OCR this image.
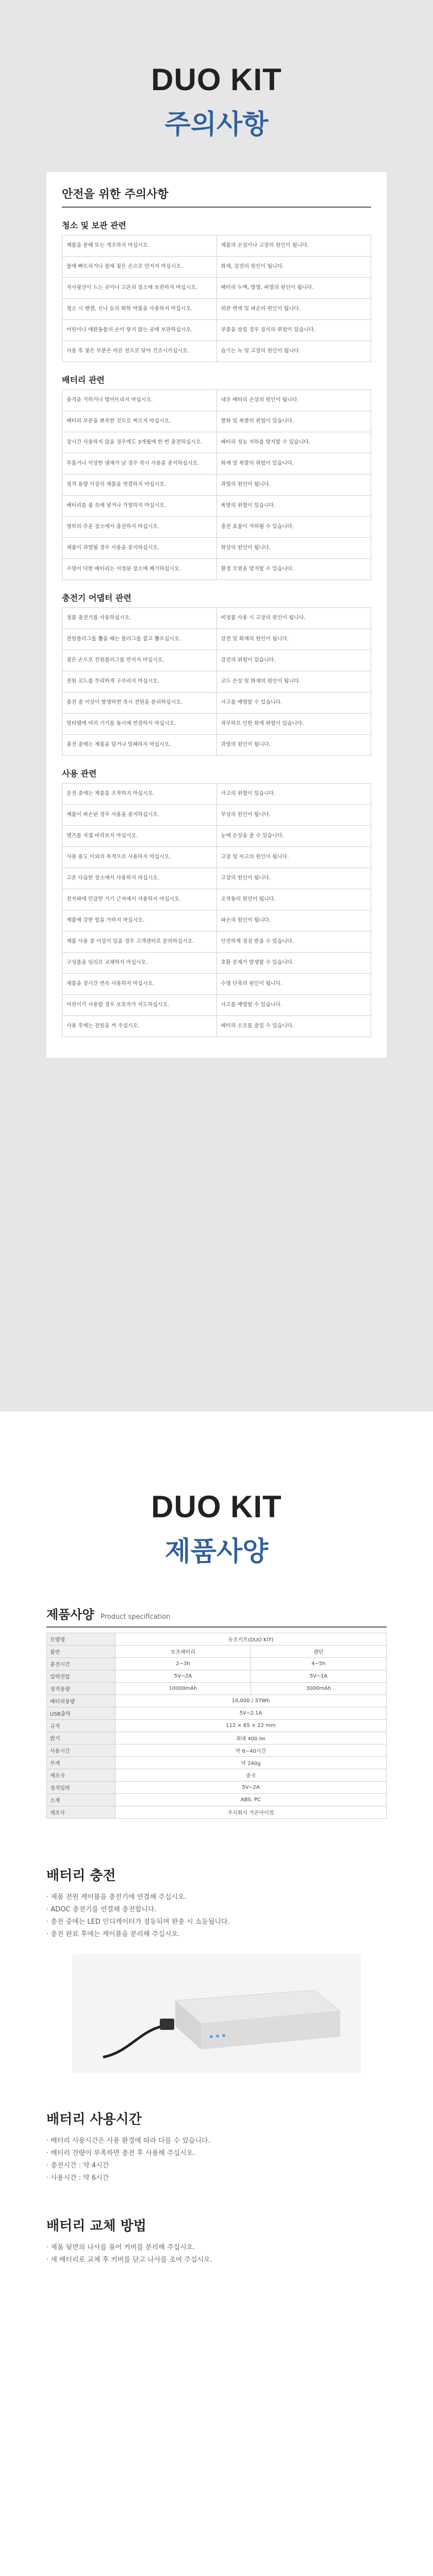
DUO KIT
주의사항
안전을 위한 주의사항
청소 및 보관 관련
제품을 분해 또는 개조하지 마십시오.	제품의 손상이나 고장의 원인이 됩니다.
물에 빠뜨리거나 물에 젖은 손으로 만지지 마십시오.	화재, 감전의 원인이 됩니다.
직사광선이 드는 곳이나 고온의 장소에 보관하지 마십시오.	배터리 누액, 발열, 파열의 원인이 됩니다.
청소 시 벤젠, 신나 등의 화학 약품을 사용하지 마십시오.	외관 변색 및 파손의 원인이 됩니다.
어린이나 애완동물의 손이 닿지 않는 곳에 보관하십시오.	부품을 삼킬 경우 질식의 위험이 있습니다.
사용 후 젖은 부분은 마른 천으로 닦아 건조시키십시오.	습기는 녹 및 고장의 원인이 됩니다.
배터리 관련
충격을 가하거나 떨어뜨리지 마십시오.	내부 배터리 손상의 원인이 됩니다.
배터리 부분을 뾰족한 것으로 찌르지 마십시오.	발화 및 폭발의 위험이 있습니다.
장시간 사용하지 않을 경우에도 3개월에 한 번 충전하십시오.	배터리 성능 저하를 방지할 수 있습니다.
부풀거나 이상한 냄새가 날 경우 즉시 사용을 중지하십시오.	화재 및 폭발의 위험이 있습니다.
정격 용량 이상의 제품을 연결하지 마십시오.	과열의 원인이 됩니다.
배터리를 불 속에 넣거나 가열하지 마십시오.	폭발의 위험이 있습니다.
영하의 추운 장소에서 충전하지 마십시오.	충전 효율이 저하될 수 있습니다.
제품이 과열될 경우 사용을 중지하십시오.	화상의 원인이 됩니다.
수명이 다한 배터리는 지정된 장소에 폐기하십시오.	환경 오염을 방지할 수 있습니다.
충전기 어댑터 관련
정품 충전기를 사용하십시오.	비정품 사용 시 고장의 원인이 됩니다.
전원플러그를 뽑을 때는 플러그를 잡고 뽑으십시오.	감전 및 화재의 원인이 됩니다.
젖은 손으로 전원플러그를 만지지 마십시오.	감전의 위험이 있습니다.
전원 코드를 무리하게 구부리지 마십시오.	코드 손상 및 화재의 원인이 됩니다.
충전 중 이상이 발생하면 즉시 전원을 분리하십시오.	사고를 예방할 수 있습니다.
멀티탭에 여러 기기를 동시에 연결하지 마십시오.	과부하로 인한 화재 위험이 있습니다.
충전 중에는 제품을 덮거나 밀폐하지 마십시오.	과열의 원인이 됩니다.
사용 관련
운전 중에는 제품을 조작하지 마십시오.	사고의 위험이 있습니다.
제품이 파손된 경우 사용을 중지하십시오.	부상의 원인이 됩니다.
렌즈를 직접 바라보지 마십시오.	눈에 손상을 줄 수 있습니다.
사용 용도 이외의 목적으로 사용하지 마십시오.	고장 및 사고의 원인이 됩니다.
고온 다습한 장소에서 사용하지 마십시오.	고장의 원인이 됩니다.
전자파에 민감한 기기 근처에서 사용하지 마십시오.	오작동의 원인이 됩니다.
제품에 강한 힘을 가하지 마십시오.	파손의 원인이 됩니다.
제품 사용 중 이상이 있을 경우 고객센터로 문의하십시오.	안전하게 점검 받을 수 있습니다.
구성품을 임의로 교체하지 마십시오.	호환 문제가 발생할 수 있습니다.
제품을 장시간 연속 사용하지 마십시오.	수명 단축의 원인이 됩니다.
어린이가 사용할 경우 보호자가 지도하십시오.	사고를 예방할 수 있습니다.
사용 후에는 전원을 꺼 주십시오.	배터리 소모를 줄일 수 있습니다.
DUO KIT
제품사양
제품사양 Product specification
모델명	듀오키트(DUO KIT)	
품번	보조배터리	랜턴
충전시간	2~3h	4~5h
입력전압	5V⎓2A	5V⎓1A
정격용량	10000mAh	3000mAh
배터리용량	10,000 / 37Wh	
USB출력	5V⎓2.1A	
규격	112 × 65 × 22 mm	
밝기	최대 400 lm	
사용시간	약 6~40시간	
무게	약 240g	
제조국	중국	
정격입력	5V⎓2A	
소재	ABS, PC	
제조사	주식회사 가온아이컴	
배터리 충전
· 제품 전원 케이블을 충전기에 연결해 주십시오.
· ADOC 충전기를 연결해 충전합니다.
· 충전 중에는 LED 인디케이터가 점등되며 완충 시 소등됩니다.
· 충전 완료 후에는 케이블을 분리해 주십시오.
배터리 사용시간
· 배터리 사용시간은 사용 환경에 따라 다를 수 있습니다.
· 배터리 잔량이 부족하면 충전 후 사용해 주십시오.
· 충전시간 : 약 4시간
· 사용시간 : 약 6시간
배터리 교체 방법
· 제품 뒷면의 나사를 풀어 커버를 분리해 주십시오.
· 새 배터리로 교체 후 커버를 닫고 나사를 조여 주십시오.
